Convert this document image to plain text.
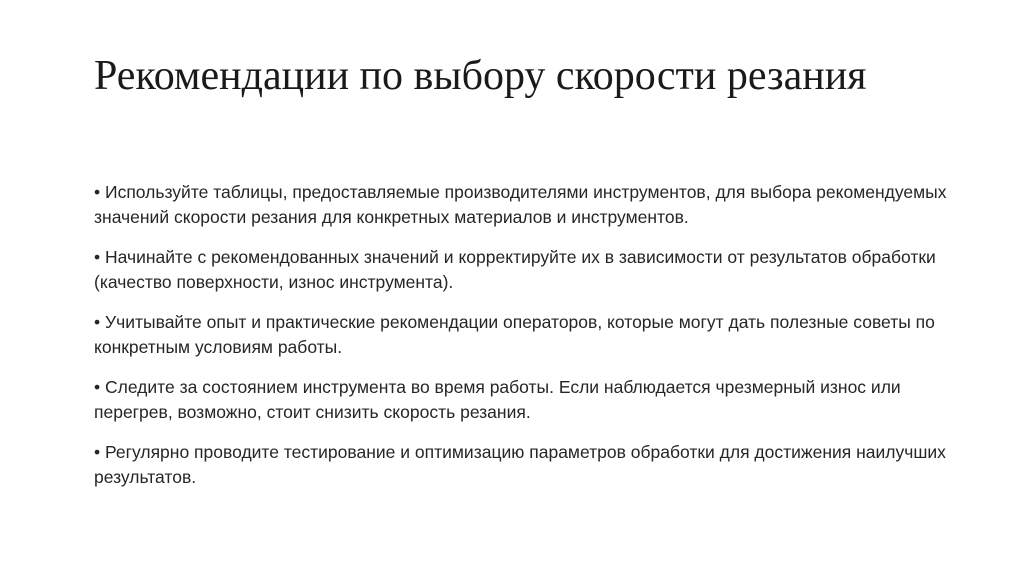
Рекомендации по выбору скорости резания
• Используйте таблицы, предоставляемые производителями инструментов, для выбора рекомендуемых значений скорости резания для конкретных материалов и инструментов.
• Начинайте с рекомендованных значений и корректируйте их в зависимости от результатов обработки (качество поверхности, износ инструмента).
• Учитывайте опыт и практические рекомендации операторов, которые могут дать полезные советы по конкретным условиям работы.
• Следите за состоянием инструмента во время работы. Если наблюдается чрезмерный износ или перегрев, возможно, стоит снизить скорость резания.
• Регулярно проводите тестирование и оптимизацию параметров обработки для достижения наилучших результатов.
